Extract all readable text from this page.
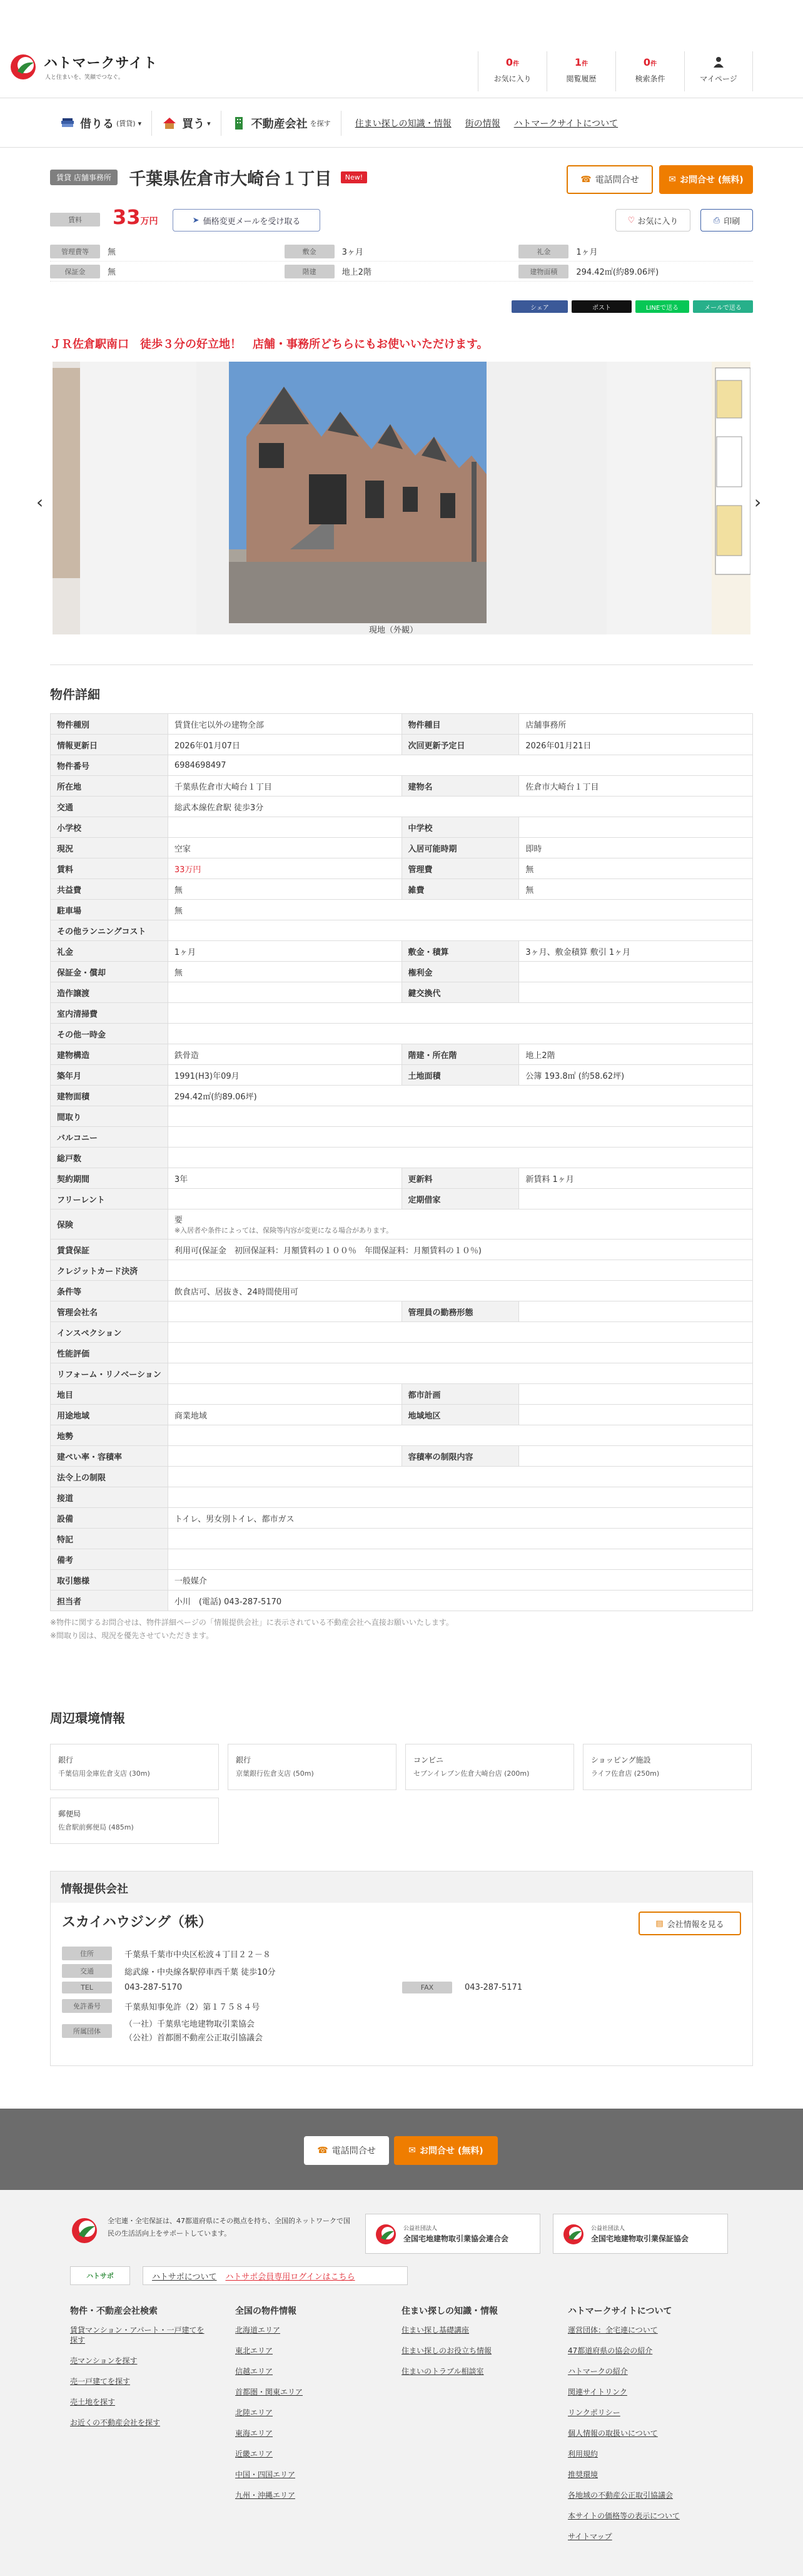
ハトマークサイト
人と住まいを、笑顔でつなぐ。
0件
お気に入り
1件
閲覧履歴
0件
検索条件	マイページ
借りる (賃貸) ▾	買う ▾	不動産会社 を探す	住まい探しの知識・情報 街の情報 ハトマークサイトについて
賃貸 店舗事務所 千葉県佐倉市大崎台１丁目 New!	☎ 電話問合せ	✉ お問合せ (無料)
賃料 33万円	➤ 価格変更メールを受け取る	♡ お気に入り	⎙ 印刷
管理費等	無	敷金	3ヶ月	礼金	1ヶ月
保証金	無	階建	地上2階	建物面積	294.42㎡(約89.06坪)
シェア	ポスト	LINEで送る	メールで送る
ＪＲ佐倉駅南口　徒歩３分の好立地！　店舗・事務所どちらにもお使いいただけます。
‹	›
現地（外観）
物件詳細
物件種別	賃貸住宅以外の建物全部	物件種目	店舗事務所
情報更新日	2026年01月07日	次回更新予定日	2026年01月21日
物件番号	6984698497		
所在地	千葉県佐倉市大崎台１丁目	建物名	佐倉市大崎台１丁目
交通	総武本線佐倉駅 徒歩3分		
小学校		中学校	
現況	空家	入居可能時期	即時
賃料	33万円	管理費	無
共益費	無	雑費	無
駐車場	無		
その他ランニングコスト			
礼金	1ヶ月	敷金・積算	3ヶ月、敷金積算 敷引 1ヶ月
保証金・償却	無	権利金	
造作譲渡		鍵交換代	
室内清掃費			
その他一時金			
建物構造	鉄骨造	階建・所在階	地上2階
築年月	1991(H3)年09月	土地面積	公簿 193.8㎡ (約58.62坪)
建物面積	294.42㎡(約89.06坪)		
間取り			
バルコニー			
総戸数			
契約期間	3年	更新料	新賃料 1ヶ月
フリーレント		定期借家	
保険	要
※入居者や条件によっては、保険等内容が変更になる場合があります。		

賃貸保証	利用可(保証金　初回保証料：月額賃料の１００％　年間保証料：月額賃料の１０％)		
クレジットカード決済			
条件等	飲食店可、居抜き、24時間使用可		
管理会社名		管理員の勤務形態	
インスペクション			
性能評価			
リフォーム・リノベーション			
地目		都市計画	
用途地域	商業地域	地域地区	
地勢			
建ぺい率・容積率		容積率の制限内容	
法令上の制限			
接道			
設備	トイレ、男女別トイレ、都市ガス		
特記			
備考			
取引態様	一般媒介		
担当者	小川　(電話) 043-287-5170		
※物件に関するお問合せは、物件詳細ページの「情報提供会社」に表示されている不動産会社へ直接お願いいたします。
※間取り図は、現況を優先させていただきます。
周辺環境情報
銀行
千葉信用金庫佐倉支店 (30m)
銀行
京葉銀行佐倉支店 (50m)
コンビニ
セブンイレブン佐倉大崎台店 (200m)
ショッピング施設
ライフ佐倉店 (250m)
郵便局
佐倉駅前郵便局 (485m)
情報提供会社
スカイハウジング（株）	▤ 会社情報を見る
住所	千葉県千葉市中央区松波４丁目２２－８
交通	総武線・中央線各駅停車西千葉 徒歩10分
TEL	043-287-5170	FAX	043-287-5171
免許番号	千葉県知事免許（2）第１７５８４号
所属団体
（一社）千葉県宅地建物取引業協会
（公社）首都圏不動産公正取引協議会
☎ 電話問合せ	✉ お問合せ (無料)
全宅連・全宅保証は、47都道府県にその拠点を持ち、全国的ネットワークで国民の生活活向上をサポートしています。
公益社団法人
全国宅地建物取引業協会連合会
公益社団法人
全国宅地建物取引業保証協会
ハトサポ	ハトサポについて ハトサポ会員専用ログインはこちら
物件・不動産会社検索
賃貸マンション・アパート・一戸建てを探す
売マンションを探す
売一戸建てを探す
売土地を探す
お近くの不動産会社を探す
全国の物件情報
北海道エリア
東北エリア
信越エリア
首都圏・関東エリア
北陸エリア
東海エリア
近畿エリア
中国・四国エリア
九州・沖縄エリア
住まい探しの知識・情報
住まい探し基礎講座
住まい探しのお役立ち情報
住まいのトラブル相談室
ハトマークサイトについて
運営団体：全宅連について
47都道府県の協会の紹介
ハトマークの紹介
関連サイトリンク
リンクポリシー
個人情報の取扱いについて
利用規約
推奨環境
各地域の不動産公正取引協議会
本サイトの価格等の表示について
サイトマップ
